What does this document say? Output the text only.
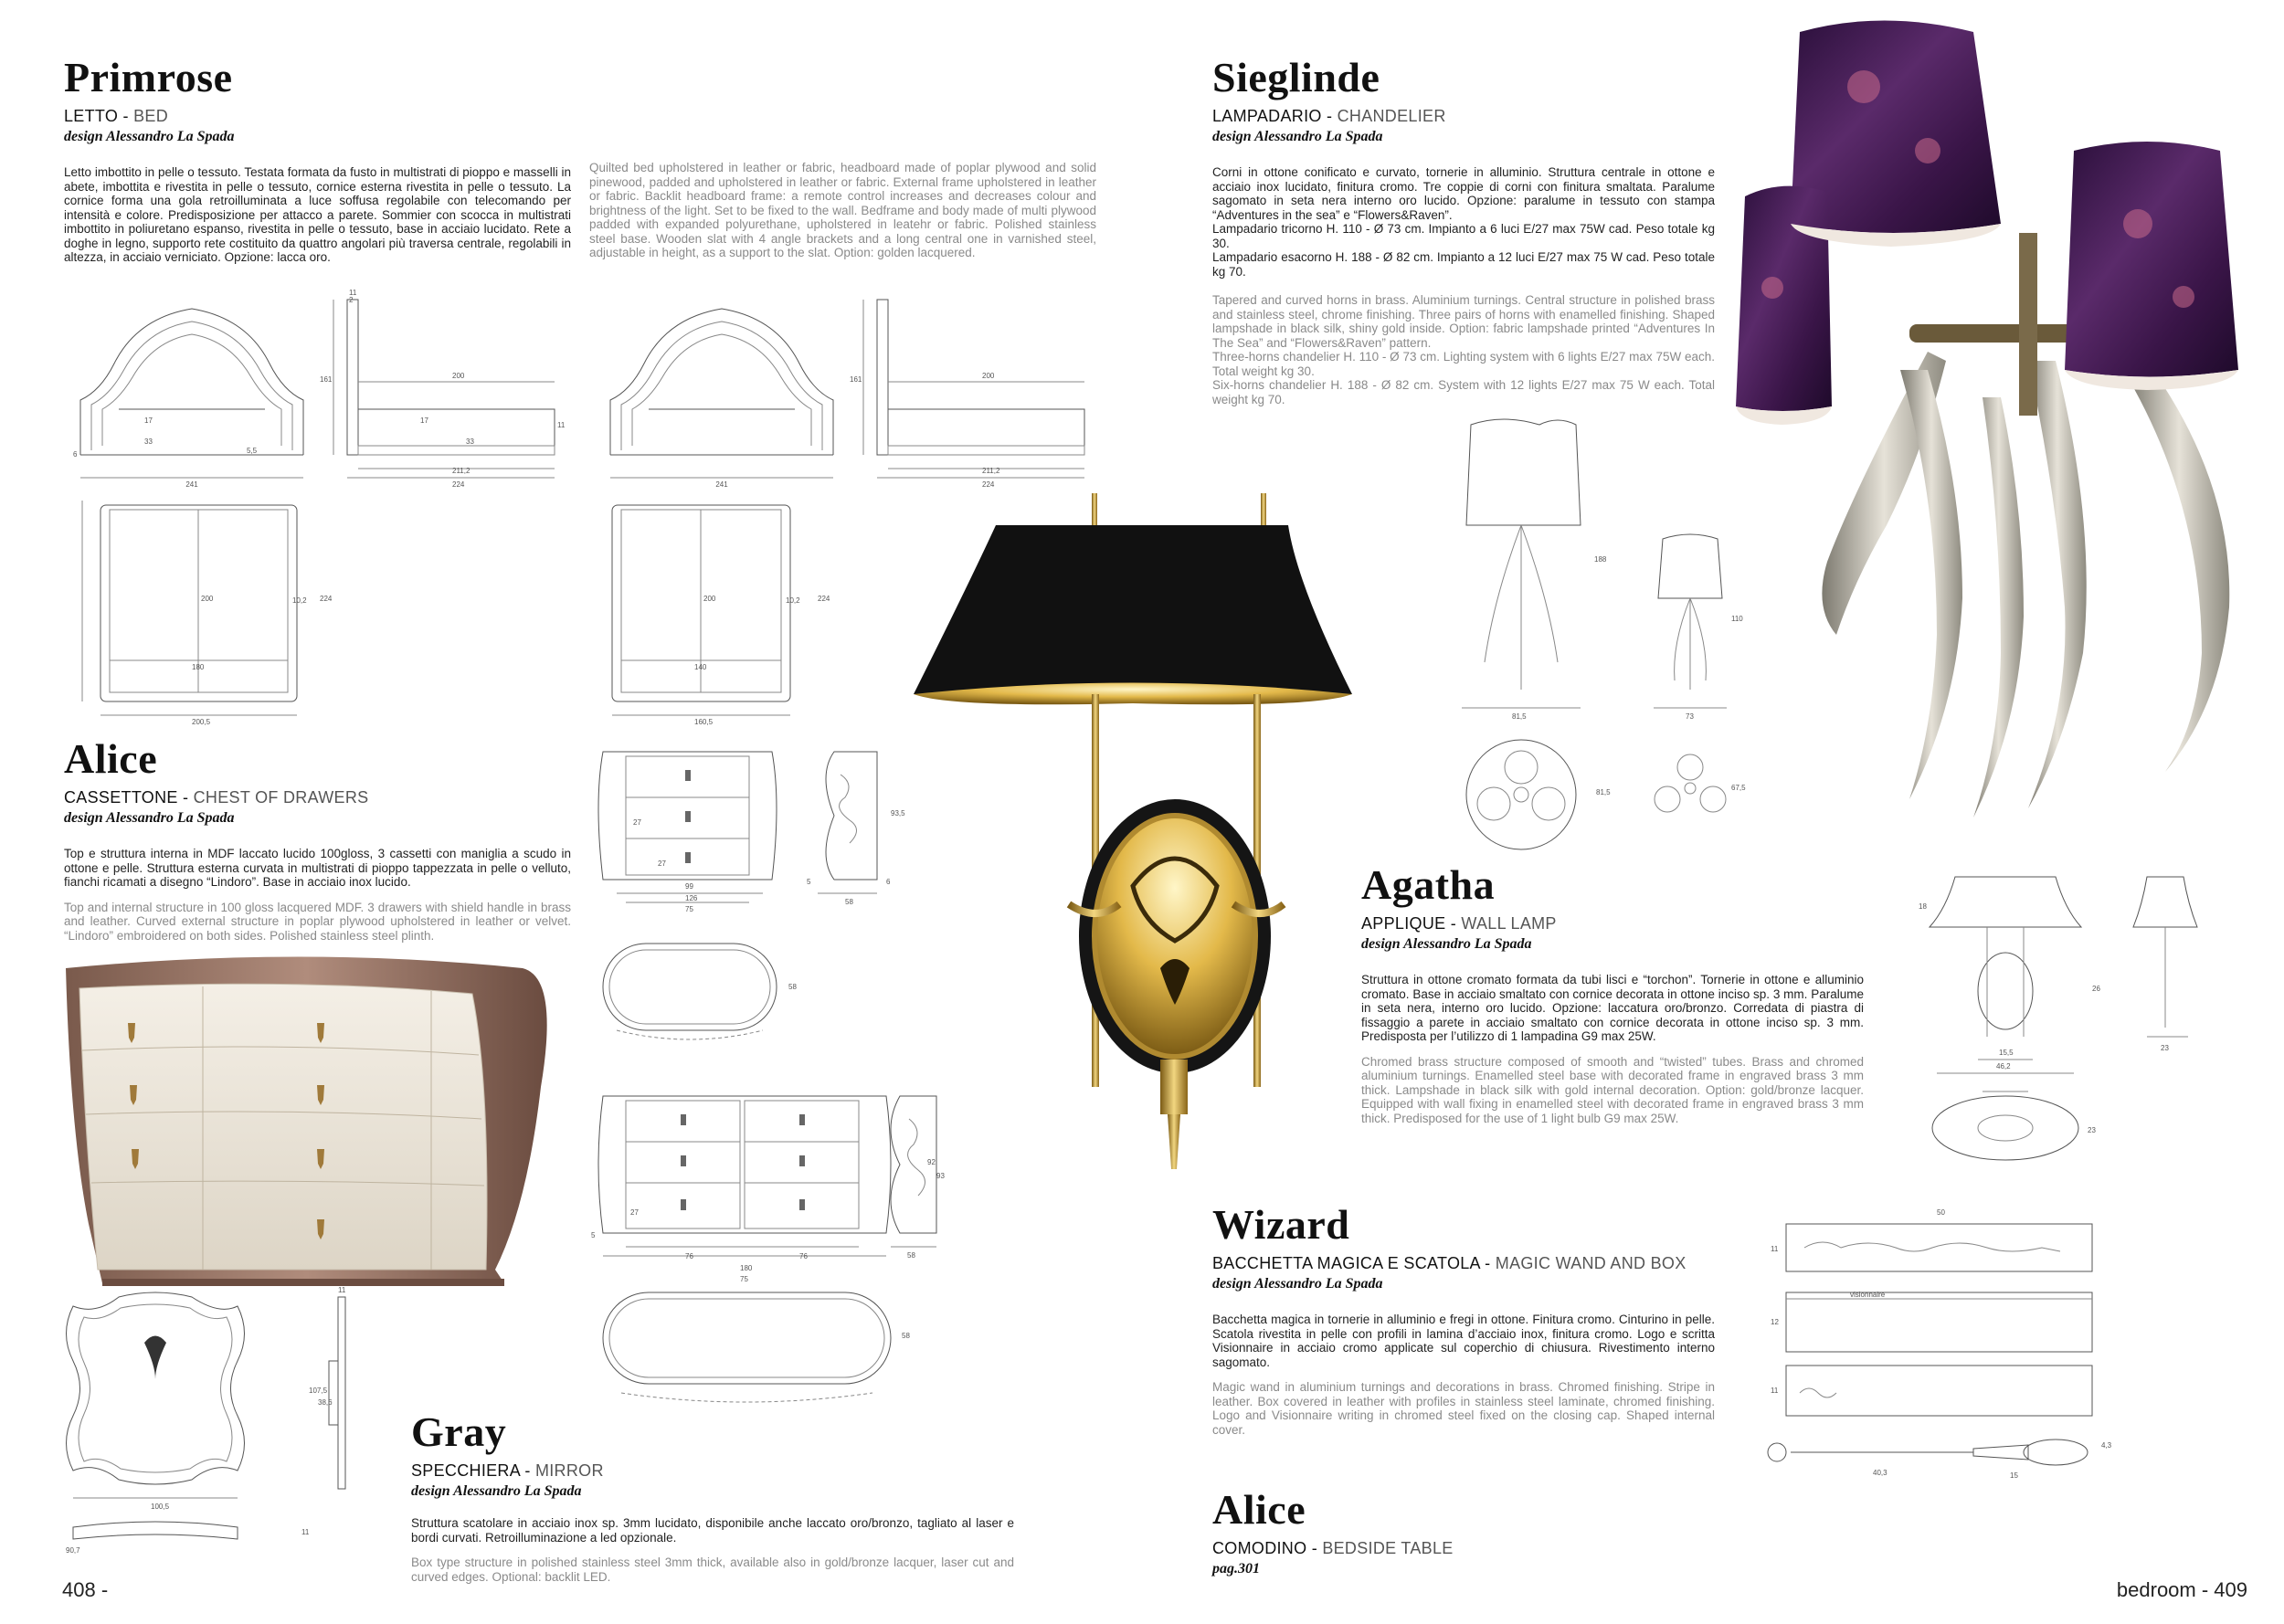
Primrose
LETTO - BED
design Alessandro La Spada
Letto imbottito in pelle o tessuto. Testata formata da fusto in multistrati di pioppo e masselli in abete, imbottita e rivestita in pelle o tessuto, cornice esterna rivestita in pelle o tessuto. La cornice forma una gola retroilluminata a luce soffusa regolabile con telecomando per intensità e colore. Predisposizione per attacco a parete. Sommier con scocca in multistrati imbottito in poliuretano espanso, rivestita in pelle o tessuto, base in acciaio lucidato. Rete a doghe in legno, supporto rete costituito da quattro angolari più traversa centrale, regolabili in altezza, in acciaio verniciato. Opzione: lacca oro.
Quilted bed upholstered in leather or fabric, headboard made of poplar plywood and solid pinewood, padded and upholstered in leather or fabric. External frame upholstered in leather or fabric. Backlit headboard frame: a remote control increases and decreases colour and brightness of the light. Set to be fixed to the wall. Bedframe and body made of multi plywood padded with expanded polyurethane, upholstered in leatehr or fabric. Polished stainless steel base. Wooden slat with 4 angle brackets and a long central one in varnished steel, adjustable in height, as a support to the slat. Option: golden lacquered.
241
6
17
33
5,5
11
2
161	200
211,2
224
17
33
11
180
200	10,2 224
200,5
241
161	200
211,2
224
140
200	10,2 224
160,5
Alice
CASSETTONE - CHEST OF DRAWERS
design Alessandro La Spada
Top e struttura interna in MDF laccato lucido 100gloss, 3 cassetti con maniglia a scudo in ottone e pelle. Struttura esterna curvata in multistrati di pioppo tappezzata in pelle o velluto, fianchi ricamati a disegno “Lindoro”. Base in acciaio inox lucido.
Top and internal structure in 100 gloss lacquered MDF. 3 drawers with shield handle in brass and leather. Curved external structure in poplar plywood upholstered in leather or velvet. “Lindoro” embroidered on both sides. Polished stainless steel plinth.
99
126
75
27
27
58
93,5
5	6
58
76	76
180
75
27
5
58
92
93
58
100,5
11
107,5
38,6
90,7
11
Gray
SPECCHIERA - MIRROR
design Alessandro La Spada
Struttura scatolare in acciaio inox sp. 3mm lucidato, disponibile anche laccato oro/bronzo, tagliato al laser e bordi curvati. Retroilluminazione a led opzionale.
Box type structure in polished stainless steel 3mm thick, available also in gold/bronze lacquer, laser cut and curved edges. Optional: backlit LED.
408 -
Sieglinde
LAMPADARIO - CHANDELIER
design Alessandro La Spada

Corni in ottone conificato e curvato, tornerie in alluminio. Struttura centrale in ottone e acciaio inox lucidato, finitura cromo. Tre coppie di corni con finitura smaltata. Paralume sagomato in seta nera interno oro lucido. Opzione: paralume in tessuto con stampa “Adventures in the sea” e “Flowers&Raven”.

Lampadario tricorno H. 110 - Ø 73 cm. Impianto a 6 luci E/27 max 75W cad. Peso totale kg 30.

Lampadario esacorno H. 188 - Ø 82 cm. Impianto a 12 luci E/27 max 75 W cad. Peso totale kg 70.

Tapered and curved horns in brass. Aluminium turnings. Central structure in polished brass and stainless steel, chrome finishing. Three pairs of horns with enamelled finishing. Shaped lampshade in black silk, shiny gold inside. Option: fabric lampshade printed “Adventures In The Sea” and “Flowers&Raven” pattern.

Three-horns chandelier H. 110 - Ø 73 cm. Lighting system with 6 lights E/27 max 75W each. Total weight kg 30.

Six-horns chandelier H. 188 - Ø 82 cm. System with 12 lights E/27 max 75 W each. Total weight kg 70.

81,5
188
81,5
73
110
67,5
Agatha
APPLIQUE - WALL LAMP
design Alessandro La Spada
Struttura in ottone cromato formata da tubi lisci e “torchon”. Tornerie in ottone e alluminio cromato. Base in acciaio smaltato con cornice decorata in ottone inciso sp. 3 mm. Paralume in seta nera, interno oro lucido. Opzione: laccatura oro/bronzo. Corredata di piastra di fissaggio a parete in acciaio smaltato con cornice decorata in ottone inciso sp. 3 mm. Predisposta per l’utilizzo di 1 lampadina G9 max 25W.
Chromed brass structure composed of smooth and “twisted” tubes. Brass and chromed aluminium turnings. Enamelled steel base with decorated frame in engraved brass 3 mm thick. Lampshade in black silk with gold internal decoration. Option: gold/bronze lacquer. Equipped with wall fixing in enamelled steel with decorated frame in engraved brass 3 mm thick. Predisposed for the use of 1 light bulb G9 max 25W.
15,5
46,2
18
26
23
23
Wizard
BACCHETTA MAGICA E SCATOLA - MAGIC WAND AND BOX
design Alessandro La Spada
Bacchetta magica in tornerie in alluminio e fregi in ottone. Finitura cromo. Cinturino in pelle. Scatola rivestita in pelle con profili in lamina d’acciaio inox, finitura cromo. Logo e scritta Visionnaire in acciaio cromo applicate sul coperchio di chiusura. Rivestimento interno sagomato.
Magic wand in aluminium turnings and decorations in brass. Chromed finishing. Stripe in leather. Box covered in leather with profiles in stainless steel laminate, chromed finishing. Logo and Visionnaire writing in chromed steel fixed on the closing cap. Shaped internal cover.
50
11
visionnaire
12
11
40,3	15
4,3
Alice
COMODINO - BEDSIDE TABLE
pag.301
bedroom - 409
